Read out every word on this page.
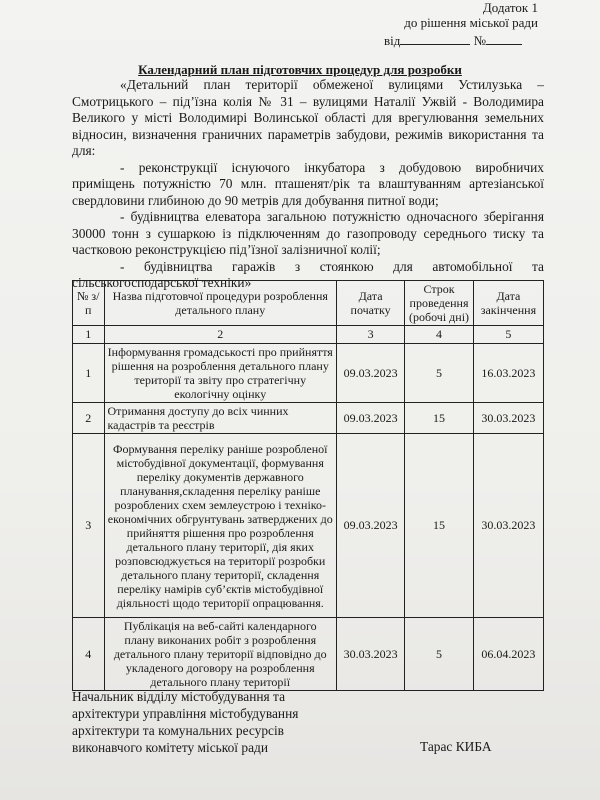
Додаток 1
до рішення міської ради
від	№
Календарний план підготовчих процедур для розробки

«Детальний план території обмеженої вулицями Устилузька – Смотрицького – під’їзна колія № 31 – вулицями Наталії Ужвій - Володимира Великого у місті Володимирі Волинської області для врегулювання земельних відносин, визначення граничних параметрів забудови, режимів використання та для:

- реконструкції існуючого інкубатора з добудовою виробничих приміщень потужністю 70 млн. пташенят/рік та влаштуванням артезіанської свердловини глибиною до 90 метрів для добування питної води;

- будівництва елеватора загальною потужністю одночасного зберігання 30000 тонн з сушаркою із підключенням до газопроводу середнього тиску та частковою реконструкцією під’їзної залізничної колії;

- будівництва гаражів з стоянкою для автомобільної та сільськогосподарської техніки»

№ з/п	Назва підготовчої процедури розроблення детального плану	Дата початку	Строк проведення (робочі дні)	Дата закінчення
1	2	3	4	5
1	Інформування громадськості про прийняття рішення на розроблення детального плану території та звіту про стратегічну екологічну оцінку	09.03.2023	5	16.03.2023
2	Отримання доступу до всіх чинних кадастрів та реєстрів	09.03.2023	15	30.03.2023
3	Формування переліку раніше розробленої містобудівної документації, формування переліку документів державного планування,складення переліку раніше розроблених схем землеустрою і техніко-економічних обгрунтувань затверджених до прийняття рішення про розроблення детального плану території, дія яких розповсюджується на території розробки детального плану території, складення переліку намірів суб’єктів містобудівної діяльності щодо території опрацювання.	09.03.2023	15	30.03.2023
4	Публікація на веб-сайті календарного плану виконаних робіт з розроблення детального плану території відповідно до укладеного договору на розроблення детального плану території	30.03.2023	5	06.04.2023
Начальник відділу містобудування та
архітектури управління містобудування
архітектури та комунальних ресурсів
виконавчого комітету міської ради	Тарас КИБА
